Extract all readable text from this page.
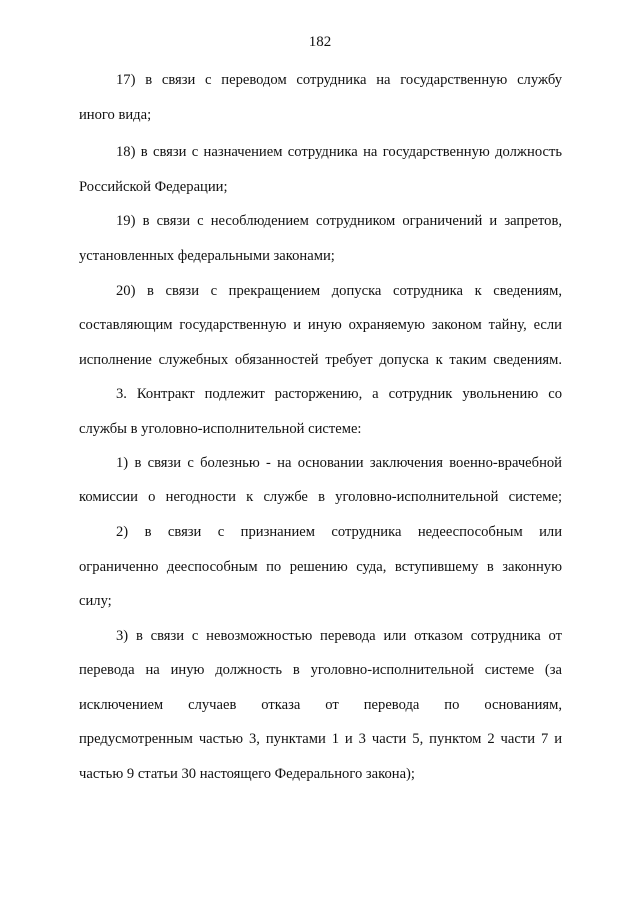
182
17) в связи с переводом сотрудника на государственную службу
иного вида;
18) в связи с назначением сотрудника на государственную должность
Российской Федерации;
19) в связи с несоблюдением сотрудником ограничений и запретов,
установленных федеральными законами;
20) в связи с прекращением допуска сотрудника к сведениям,
составляющим государственную и иную охраняемую законом тайну, если
исполнение служебных обязанностей требует допуска к таким сведениям.
3. Контракт подлежит расторжению, а сотрудник увольнению со
службы в уголовно-исполнительной системе:
1) в связи с болезнью - на основании заключения военно-врачебной
комиссии о негодности к службе в уголовно-исполнительной системе;
2) в связи с признанием сотрудника недееспособным или
ограниченно дееспособным по решению суда, вступившему в законную
силу;
3) в связи с невозможностью перевода или отказом сотрудника от
перевода на иную должность в уголовно-исполнительной системе (за
исключением случаев отказа от перевода по основаниям,
предусмотренным частью 3, пунктами 1 и 3 части 5, пунктом 2 части 7 и
частью 9 статьи 30 настоящего Федерального закона);
